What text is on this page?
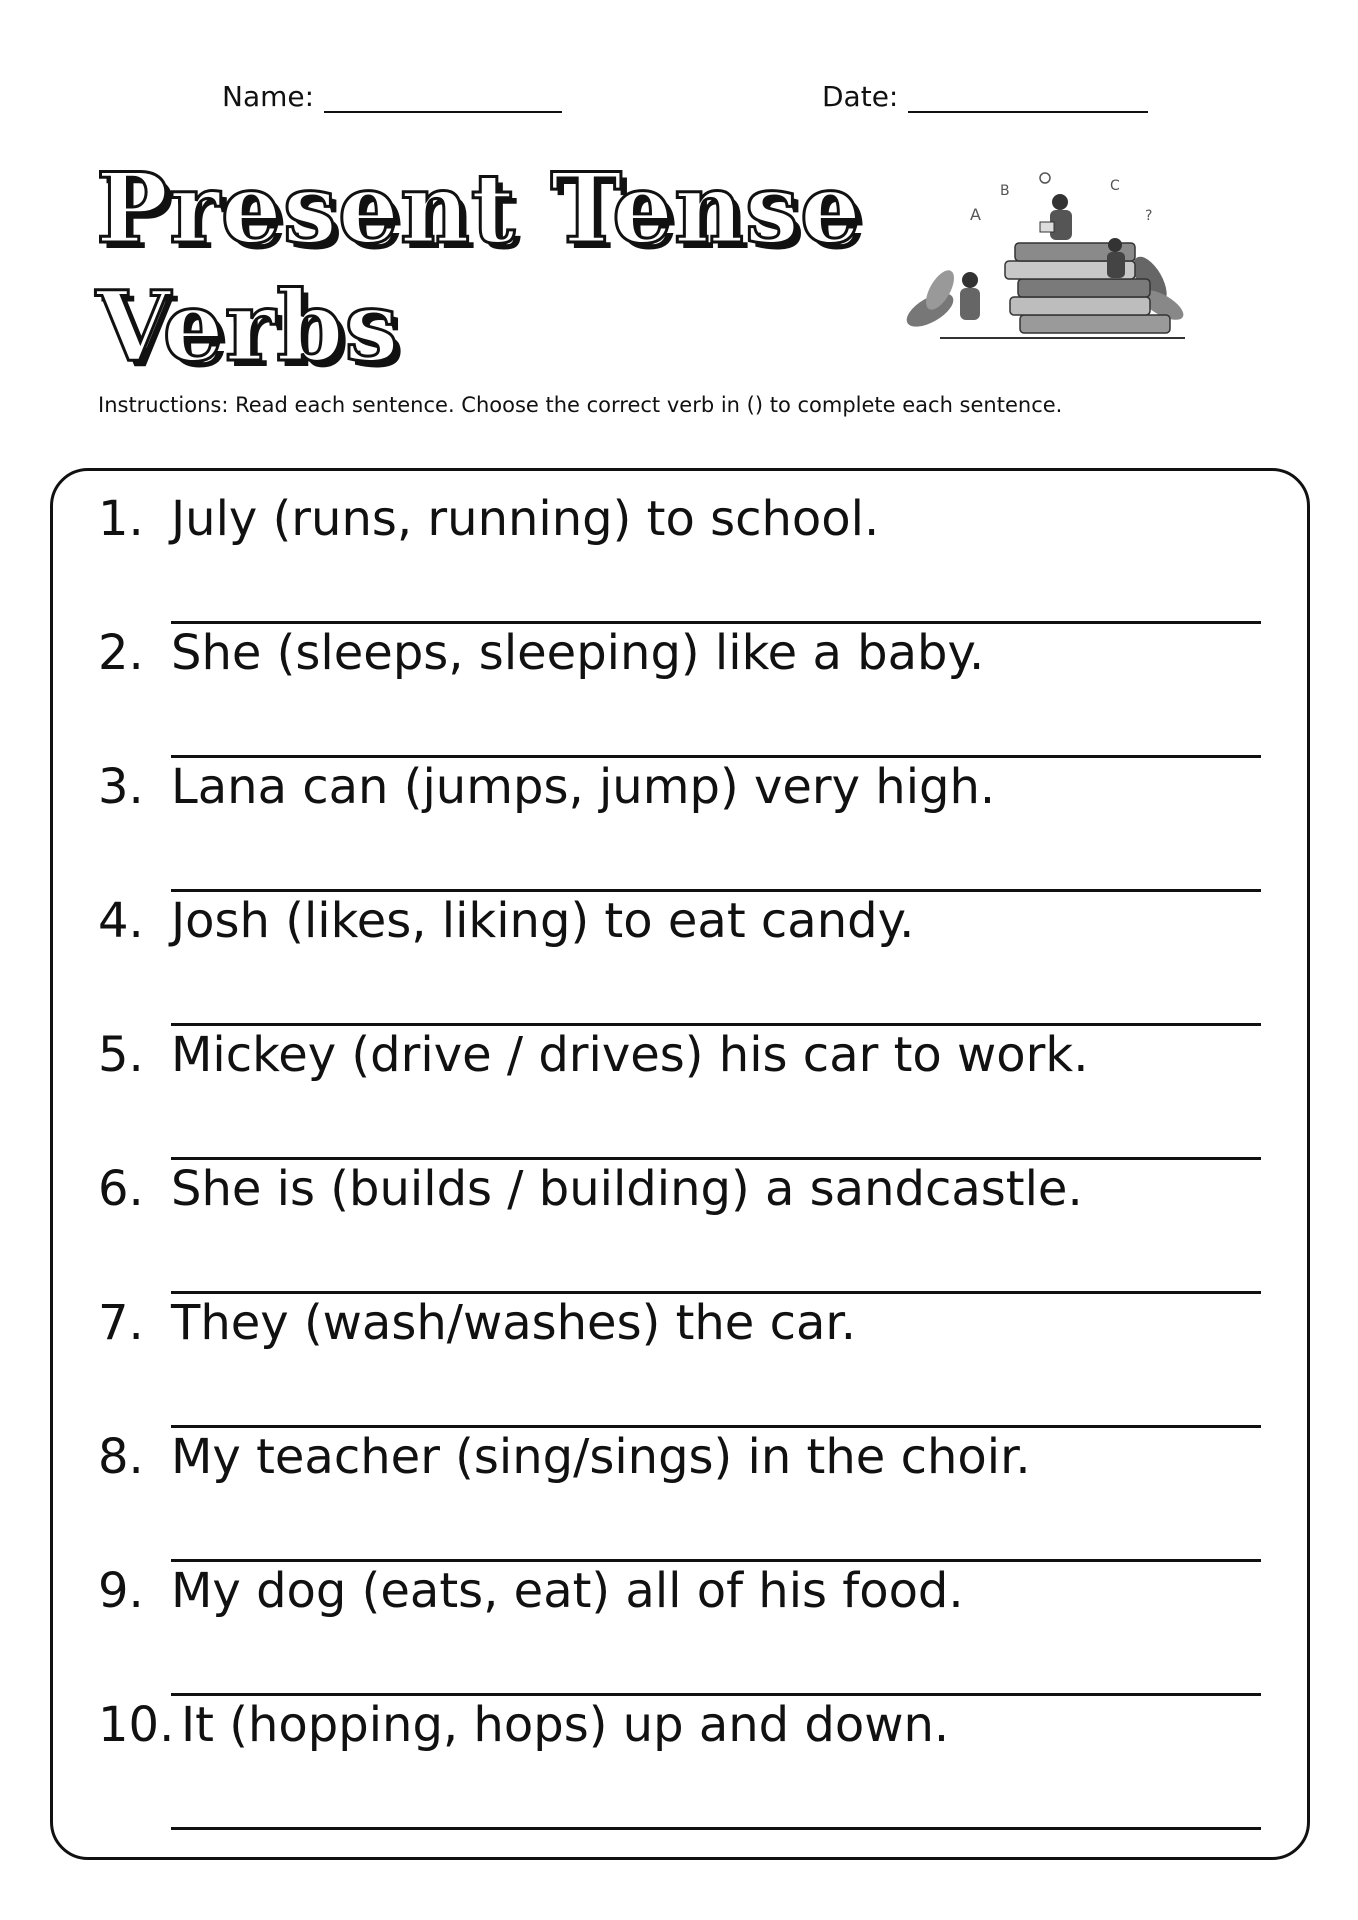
Name:	Date:
Present Tense
Verbs
A
B	C
?

Instructions: Read each sentence. Choose the correct verb in () to complete each sentence.

1. July (runs, running) to school.
2. She (sleeps, sleeping) like a baby.
3. Lana can (jumps, jump) very high.
4. Josh (likes, liking) to eat candy.
5. Mickey (drive / drives) his car to work.
6. She is (builds / building) a sandcastle.
7. They (wash/washes) the car.
8. My teacher (sing/sings) in the choir.
9. My dog (eats, eat) all of his food.
10. It (hopping, hops) up and down.
